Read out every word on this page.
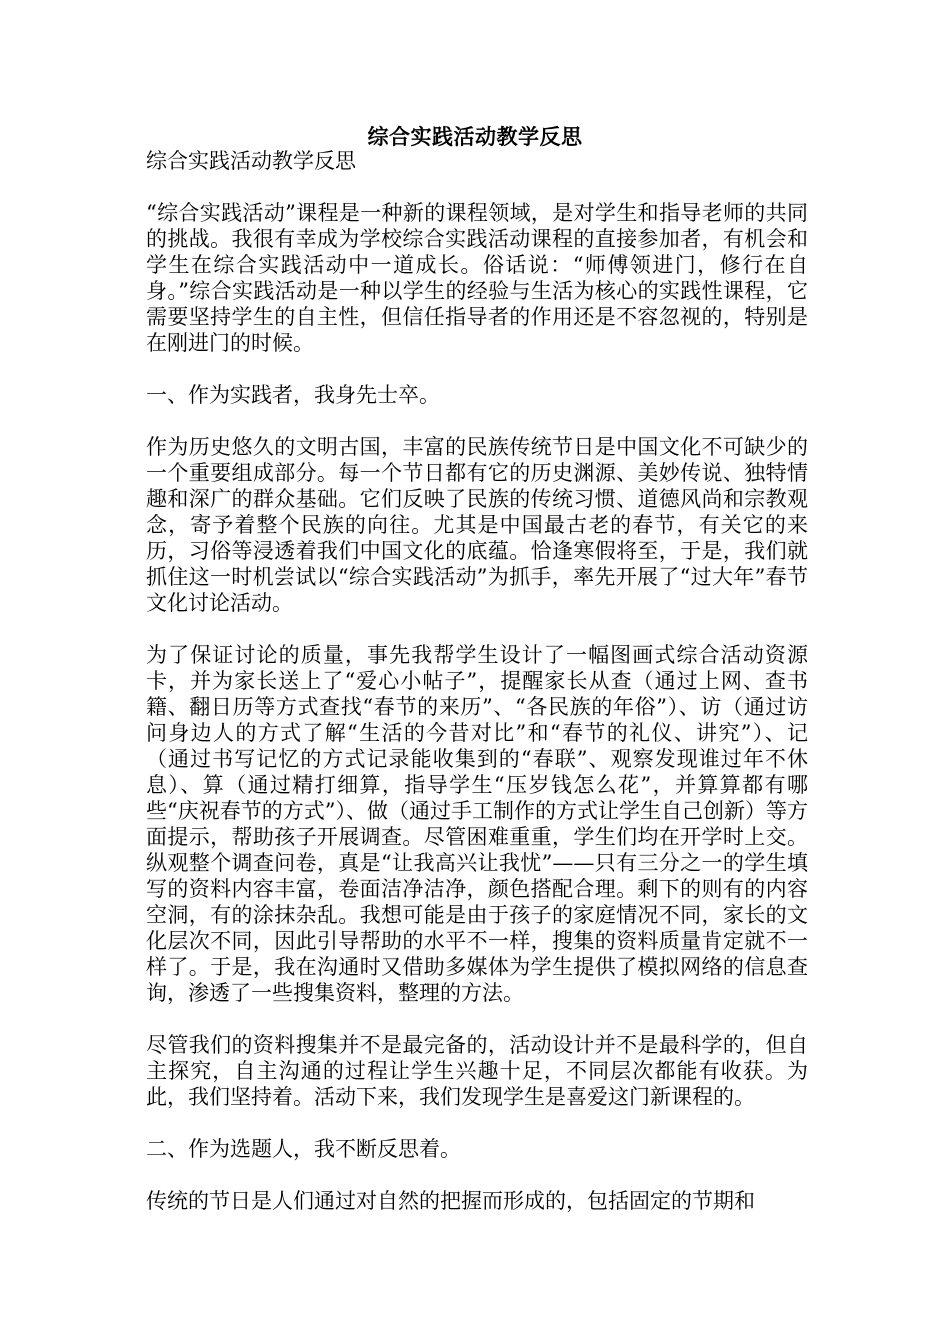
综合实践活动教学反思

综合实践活动教学反思

“综合实践活动”课程是一种新的课程领域，是对学生和指导老师的共同的挑战。我很有幸成为学校综合实践活动课程的直接参加者，有机会和学生在综合实践活动中一道成长。俗话说：“师傅领进门，修行在自身。”综合实践活动是一种以学生的经验与生活为核心的实践性课程，它需要坚持学生的自主性，但信任指导者的作用还是不容忽视的，特别是在刚进门的时候。

一、作为实践者，我身先士卒。

作为历史悠久的文明古国，丰富的民族传统节日是中国文化不可缺少的一个重要组成部分。每一个节日都有它的历史渊源、美妙传说、独特情趣和深广的群众基础。它们反映了民族的传统习惯、道德风尚和宗教观念，寄予着整个民族的向往。尤其是中国最古老的春节，有关它的来历，习俗等浸透着我们中国文化的底蕴。恰逢寒假将至，于是，我们就抓住这一时机尝试以“综合实践活动”为抓手，率先开展了“过大年”春节文化讨论活动。

为了保证讨论的质量，事先我帮学生设计了一幅图画式综合活动资源卡，并为家长送上了“爱心小帖子”，提醒家长从查（通过上网、查书籍、翻日历等方式查找“春节的来历”、“各民族的年俗”）、访（通过访问身边人的方式了解“生活的今昔对比”和“春节的礼仪、讲究”）、记（通过书写记忆的方式记录能收集到的“春联”、观察发现谁过年不休息）、算（通过精打细算，指导学生“压岁钱怎么花”，并算算都有哪些“庆祝春节的方式”）、做（通过手工制作的方式让学生自己创新）等方面提示，帮助孩子开展调查。尽管困难重重，学生们均在开学时上交。纵观整个调查问卷，真是“让我高兴让我忧”——只有三分之一的学生填写的资料内容丰富，卷面洁净洁净，颜色搭配合理。剩下的则有的内容空洞，有的涂抹杂乱。我想可能是由于孩子的家庭情况不同，家长的文化层次不同，因此引导帮助的水平不一样，搜集的资料质量肯定就不一样了。于是，我在沟通时又借助多媒体为学生提供了模拟网络的信息查询，渗透了一些搜集资料，整理的方法。

尽管我们的资料搜集并不是最完备的，活动设计并不是最科学的，但自主探究，自主沟通的过程让学生兴趣十足，不同层次都能有收获。为此，我们坚持着。活动下来，我们发现学生是喜爱这门新课程的。

二、作为选题人，我不断反思着。

传统的节日是人们通过对自然的把握而形成的，包括固定的节期和
